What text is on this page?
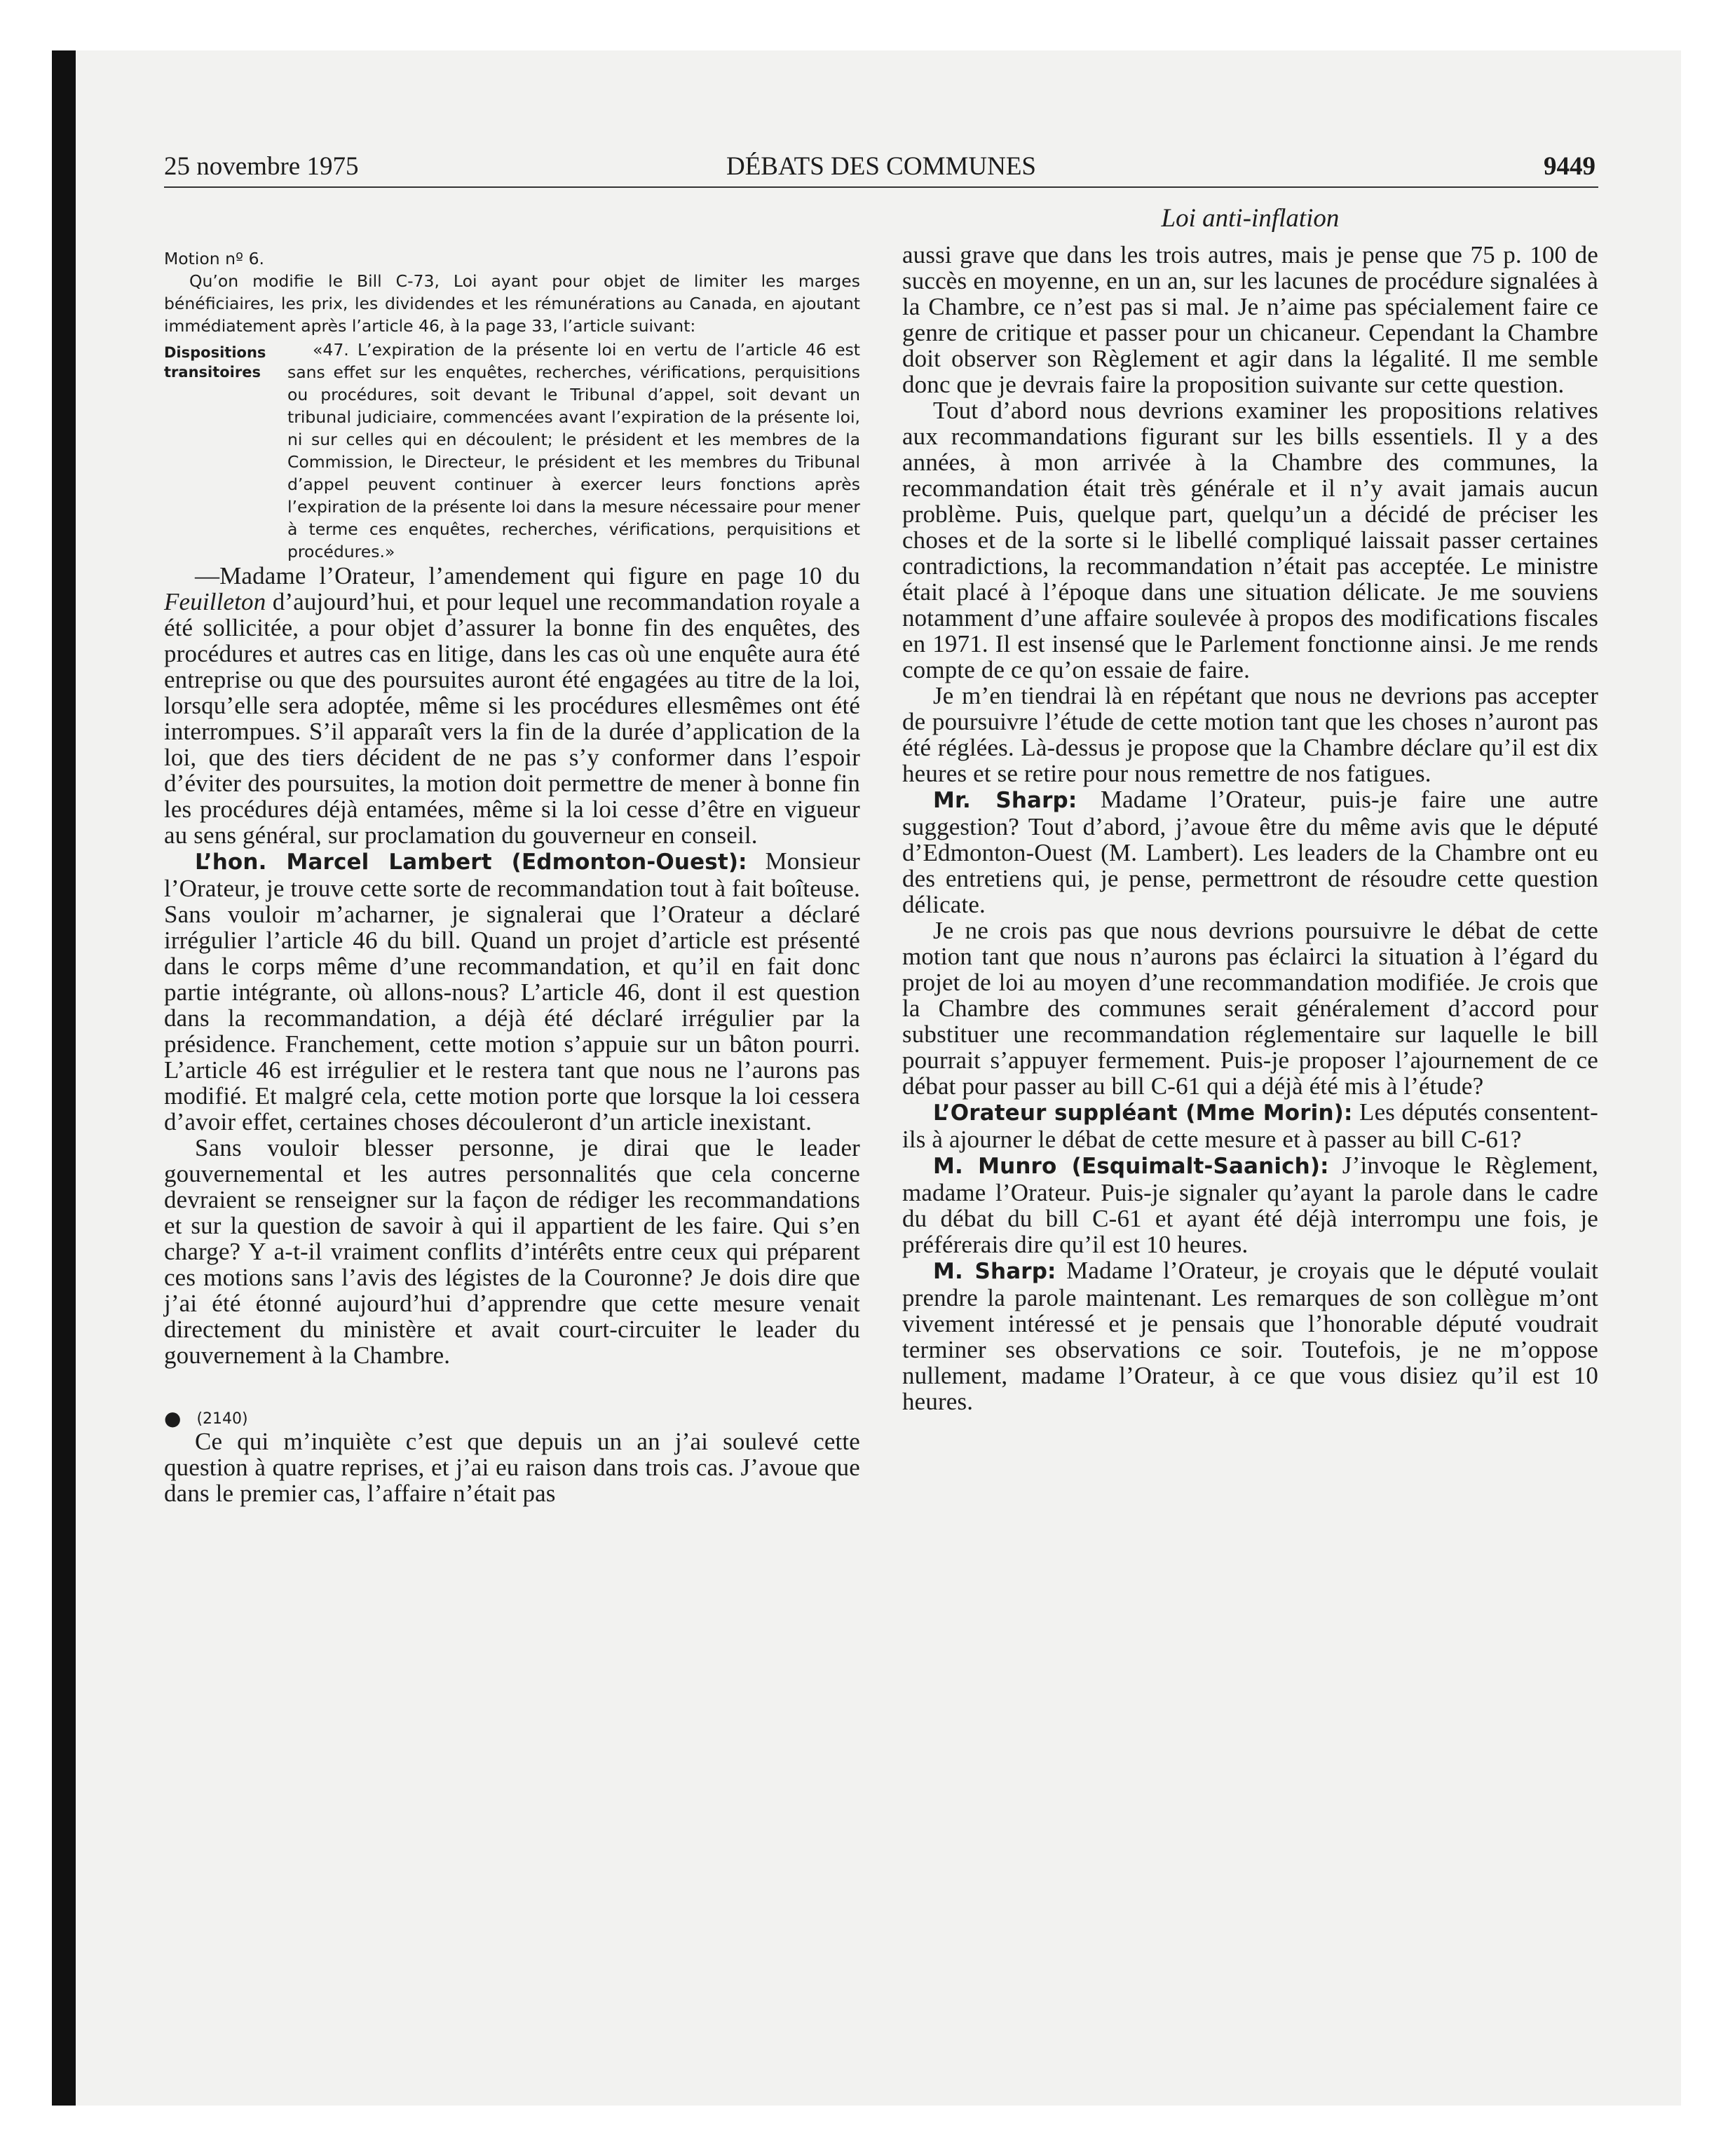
25 novembre 1975	DÉBATS DES COMMUNES	9449
Loi anti-inflation

Motion nº 6.

Qu’on modifie le Bill C-73, Loi ayant pour objet de limiter les marges bénéficiaires, les prix, les dividendes et les rémunérations au Canada, en ajoutant immédiatement après l’article 46, à la page 33, l’article suivant:

Dispositions transitoires

«47. L’expiration de la présente loi en vertu de l’article 46 est sans effet sur les enquêtes, recherches, vérifications, perquisitions ou procédures, soit devant le Tribunal d’appel, soit devant un tribunal judiciaire, commencées avant l’expiration de la présente loi, ni sur celles qui en découlent; le président et les membres de la Commission, le Directeur, le président et les membres du Tribunal d’appel peuvent continuer à exercer leurs fonctions après l’expiration de la présente loi dans la mesure nécessaire pour mener à terme ces enquêtes, recherches, vérifications, perquisitions et procédures.»

—Madame l’Orateur, l’amendement qui figure en page 10 du Feuilleton d’aujourd’hui, et pour lequel une recommandation royale a été sollicitée, a pour objet d’assurer la bonne fin des enquêtes, des procédures et autres cas en litige, dans les cas où une enquête aura été entreprise ou que des poursuites auront été engagées au titre de la loi, lorsqu’elle sera adoptée, même si les procédures ellesmêmes ont été interrompues. S’il apparaît vers la fin de la durée d’application de la loi, que des tiers décident de ne pas s’y conformer dans l’espoir d’éviter des poursuites, la motion doit permettre de mener à bonne fin les procédures déjà entamées, même si la loi cesse d’être en vigueur au sens général, sur proclamation du gouverneur en conseil.

L’hon. Marcel Lambert (Edmonton-Ouest): Monsieur l’Orateur, je trouve cette sorte de recommandation tout à fait boîteuse. Sans vouloir m’acharner, je signalerai que l’Orateur a déclaré irrégulier l’article 46 du bill. Quand un projet d’article est présenté dans le corps même d’une recommandation, et qu’il en fait donc partie intégrante, où allons-nous? L’article 46, dont il est question dans la recommandation, a déjà été déclaré irrégulier par la présidence. Franchement, cette motion s’appuie sur un bâton pourri. L’article 46 est irrégulier et le restera tant que nous ne l’aurons pas modifié. Et malgré cela, cette motion porte que lorsque la loi cessera d’avoir effet, certaines choses découleront d’un article inexistant.

Sans vouloir blesser personne, je dirai que le leader gouvernemental et les autres personnalités que cela concerne devraient se renseigner sur la façon de rédiger les recommandations et sur la question de savoir à qui il appartient de les faire. Qui s’en charge? Y a-t-il vraiment conflits d’intérêts entre ceux qui préparent ces motions sans l’avis des légistes de la Couronne? Je dois dire que j’ai été étonné aujourd’hui d’apprendre que cette mesure venait directement du ministère et avait court-circuiter le leader du gouvernement à la Chambre.

● (2140)

Ce qui m’inquiète c’est que depuis un an j’ai soulevé cette question à quatre reprises, et j’ai eu raison dans trois cas. J’avoue que dans le premier cas, l’affaire n’était pas

aussi grave que dans les trois autres, mais je pense que 75 p. 100 de succès en moyenne, en un an, sur les lacunes de procédure signalées à la Chambre, ce n’est pas si mal. Je n’aime pas spécialement faire ce genre de critique et passer pour un chicaneur. Cependant la Chambre doit observer son Règlement et agir dans la légalité. Il me semble donc que je devrais faire la proposition suivante sur cette question.

Tout d’abord nous devrions examiner les propositions relatives aux recommandations figurant sur les bills essentiels. Il y a des années, à mon arrivée à la Chambre des communes, la recommandation était très générale et il n’y avait jamais aucun problème. Puis, quelque part, quelqu’un a décidé de préciser les choses et de la sorte si le libellé compliqué laissait passer certaines contradictions, la recommandation n’était pas acceptée. Le ministre était placé à l’époque dans une situation délicate. Je me souviens notamment d’une affaire soulevée à propos des modifications fiscales en 1971. Il est insensé que le Parlement fonctionne ainsi. Je me rends compte de ce qu’on essaie de faire.

Je m’en tiendrai là en répétant que nous ne devrions pas accepter de poursuivre l’étude de cette motion tant que les choses n’auront pas été réglées. Là-dessus je propose que la Chambre déclare qu’il est dix heures et se retire pour nous remettre de nos fatigues.

Mr. Sharp: Madame l’Orateur, puis-je faire une autre suggestion? Tout d’abord, j’avoue être du même avis que le député d’Edmonton-Ouest (M. Lambert). Les leaders de la Chambre ont eu des entretiens qui, je pense, permettront de résoudre cette question délicate.

Je ne crois pas que nous devrions poursuivre le débat de cette motion tant que nous n’aurons pas éclairci la situation à l’égard du projet de loi au moyen d’une recommandation modifiée. Je crois que la Chambre des communes serait généralement d’accord pour substituer une recommandation réglementaire sur laquelle le bill pourrait s’appuyer fermement. Puis-je proposer l’ajournement de ce débat pour passer au bill C-61 qui a déjà été mis à l’étude?

L’Orateur suppléant (Mme Morin): Les députés consentent-ils à ajourner le débat de cette mesure et à passer au bill C-61?

M. Munro (Esquimalt-Saanich): J’invoque le Règlement, madame l’Orateur. Puis-je signaler qu’ayant la parole dans le cadre du débat du bill C-61 et ayant été déjà interrompu une fois, je préférerais dire qu’il est 10 heures.

M. Sharp: Madame l’Orateur, je croyais que le député voulait prendre la parole maintenant. Les remarques de son collègue m’ont vivement intéressé et je pensais que l’honorable député voudrait terminer ses observations ce soir. Toutefois, je ne m’oppose nullement, madame l’Orateur, à ce que vous disiez qu’il est 10 heures.
